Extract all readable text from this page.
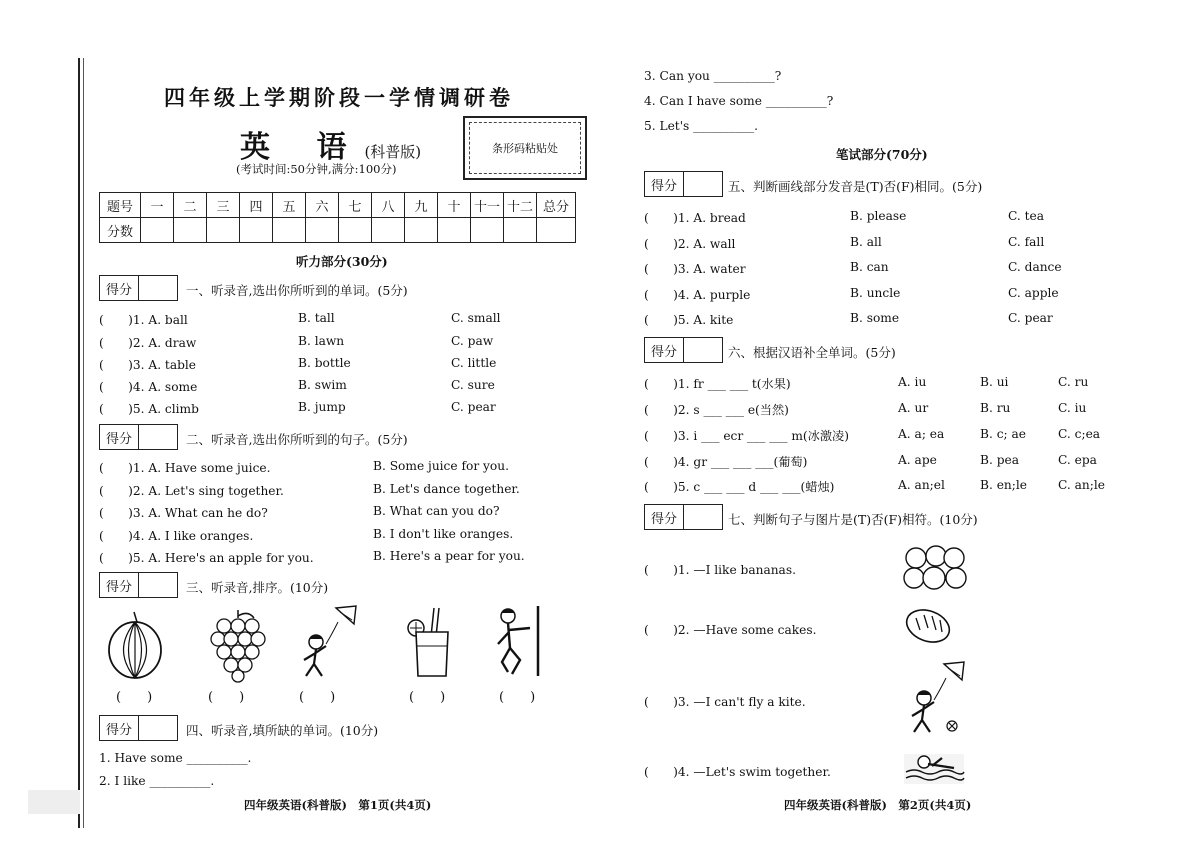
四年级上学期阶段一学情调研卷
英 语(科普版)
(考试时间:50分钟,满分:100分)
条形码粘贴处
题号	一	二	三	四	五	六	七	八	九	十	十一	十二	总分
分数													
听力部分(30分)
得分	一、听录音,选出你所听到的单词。(5分)
(　　)1. A. ball	B. tall	C. small
(　　)2. A. draw	B. lawn	C. paw
(　　)3. A. table	B. bottle	C. little
(　　)4. A. some	B. swim	C. sure
(　　)5. A. climb	B. jump	C. pear
得分	二、听录音,选出你所听到的句子。(5分)
(　　)1. A. Have some juice.	B. Some juice for you.
(　　)2. A. Let's sing together.	B. Let's dance together.
(　　)3. A. What can he do?	B. What can you do?
(　　)4. A. I like oranges.	B. I don't like oranges.
(　　)5. A. Here's an apple for you.	B. Here's a pear for you.
得分	三、听录音,排序。(10分)
(　　)	(　　)	(　　)	(　　)	(　　)
得分	四、听录音,填所缺的单词。(10分)
1. Have some __________.
2. I like __________.
四年级英语(科普版)　第1页(共4页)
3. Can you __________?
4. Can I have some __________?
5. Let's __________.
笔试部分(70分)
得分	五、判断画线部分发音是(T)否(F)相同。(5分)
(　　)1. A. bread	B. please	C. tea
(　　)2. A. wall	B. all	C. fall
(　　)3. A. water	B. can	C. dance
(　　)4. A. purple	B. uncle	C. apple
(　　)5. A. kite	B. some	C. pear
得分	六、根据汉语补全单词。(5分)
(　　)1. fr ___ ___ t(水果)	A. iu	B. ui	C. ru
(　　)2. s ___ ___ e(当然)	A. ur	B. ru	C. iu
(　　)3. i ___ ecr ___ ___ m(冰激凌)	A. a; ea	B. c; ae	C. c;ea
(　　)4. gr ___ ___ ___(葡萄)	A. ape	B. pea	C. epa
(　　)5. c ___ ___ d ___ ___(蜡烛)	A. an;el	B. en;le	C. an;le
得分	七、判断句子与图片是(T)否(F)相符。(10分)
(　　)1. —I like bananas.
(　　)2. —Have some cakes.
(　　)3. —I can't fly a kite.
(　　)4. —Let's swim together.
四年级英语(科普版)　第2页(共4页)
